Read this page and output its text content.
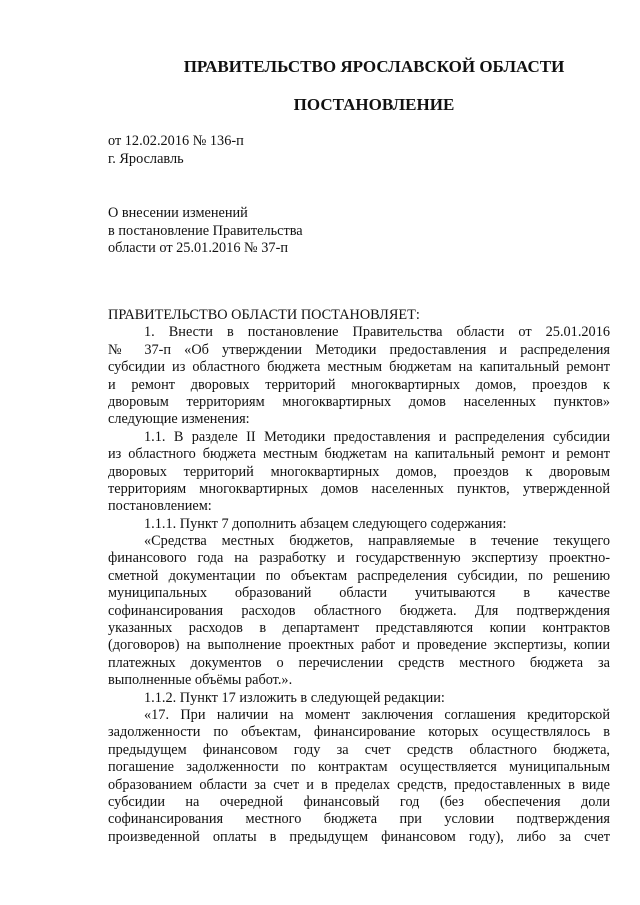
ПРАВИТЕЛЬСТВО ЯРОСЛАВСКОЙ ОБЛАСТИ
ПОСТАНОВЛЕНИЕ
от 12.02.2016 № 136-п
г. Ярославль
О внесении изменений
в постановление Правительства
области от 25.01.2016 № 37-п
ПРАВИТЕЛЬСТВО ОБЛАСТИ ПОСТАНОВЛЯЕТ:
1. Внести в постановление Правительства области от 25.01.2016
№ 37-п «Об утверждении Методики предоставления и распределения
субсидии из областного бюджета местным бюджетам на капитальный ремонт
и ремонт дворовых территорий многоквартирных домов, проездов к
дворовым территориям многоквартирных домов населенных пунктов»
следующие изменения:
1.1. В разделе II Методики предоставления и распределения субсидии
из областного бюджета местным бюджетам на капитальный ремонт и ремонт
дворовых территорий многоквартирных домов, проездов к дворовым
территориям многоквартирных домов населенных пунктов, утвержденной
постановлением:
1.1.1. Пункт 7 дополнить абзацем следующего содержания:
«Средства местных бюджетов, направляемые в течение текущего
финансового года на разработку и государственную экспертизу проектно-
сметной документации по объектам распределения субсидии, по решению
муниципальных образований области учитываются в качестве
софинансирования расходов областного бюджета. Для подтверждения
указанных расходов в департамент представляются копии контрактов
(договоров) на выполнение проектных работ и проведение экспертизы, копии
платежных документов о перечислении средств местного бюджета за
выполненные объёмы работ.».
1.1.2. Пункт 17 изложить в следующей редакции:
«17. При наличии на момент заключения соглашения кредиторской
задолженности по объектам, финансирование которых осуществлялось в
предыдущем финансовом году за счет средств областного бюджета,
погашение задолженности по контрактам осуществляется муниципальным
образованием области за счет и в пределах средств, предоставленных в виде
субсидии на очередной финансовый год (без обеспечения доли
софинансирования местного бюджета при условии подтверждения
произведенной оплаты в предыдущем финансовом году), либо за счет
